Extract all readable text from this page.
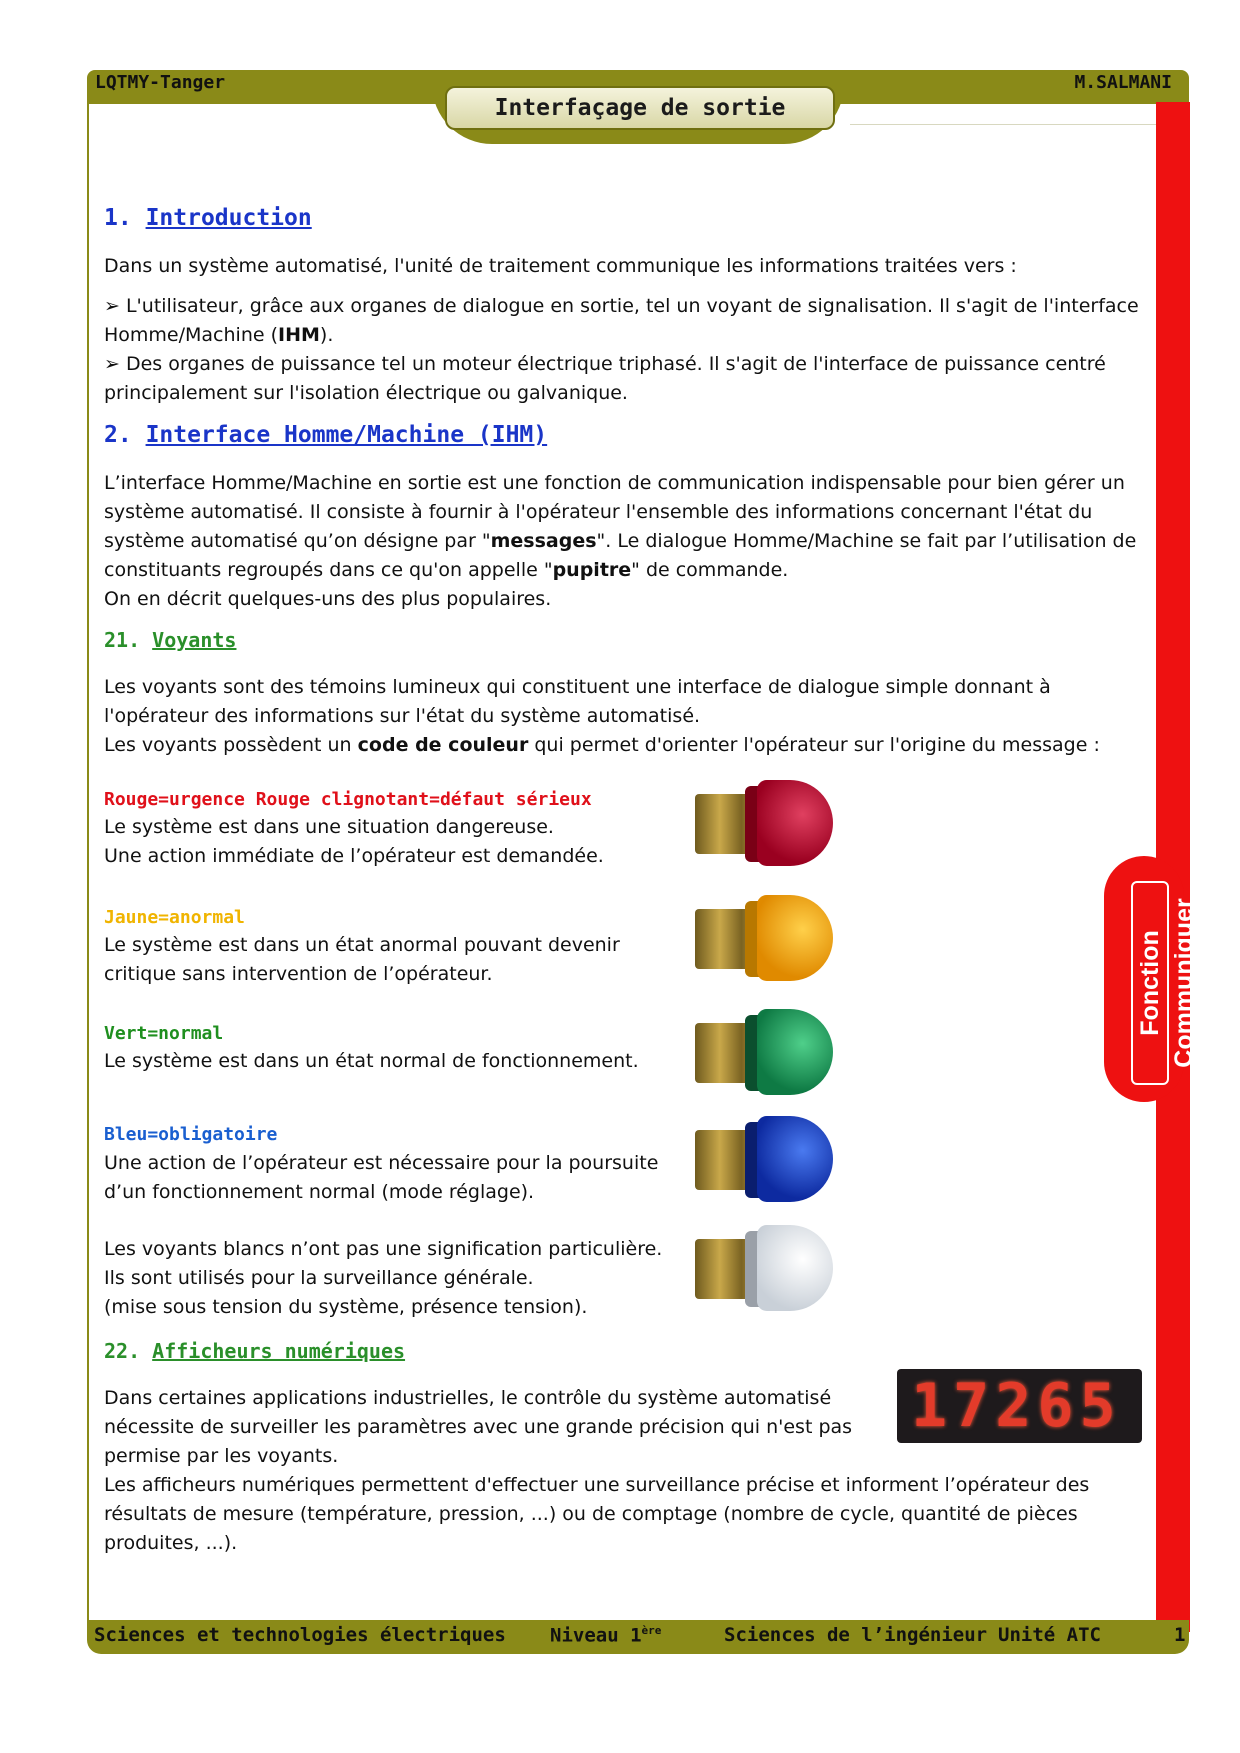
Interfaçage de sortie
LQTMY-Tanger	M.SALMANI
Fonction Communiquer
Sciences et technologies électriques Niveau 1ère	Sciences de l’ingénieur Unité ATC	1
1. Introduction

Dans un système automatisé, l'unité de traitement communique les informations traitées vers :

➢ L'utilisateur, grâce aux organes de dialogue en sortie, tel un voyant de signalisation. Il s'agit de l'interface Homme/Machine (IHM).

➢ Des organes de puissance tel un moteur électrique triphasé. Il s'agit de l'interface de puissance centré principalement sur l'isolation électrique ou galvanique.

2. Interface Homme/Machine (IHM)

L’interface Homme/Machine en sortie est une fonction de communication indispensable pour bien gérer un système automatisé. Il consiste à fournir à l'opérateur l'ensemble des informations concernant l'état du système automatisé qu’on désigne par "messages". Le dialogue Homme/Machine se fait par l’utilisation de constituants regroupés dans ce qu'on appelle "pupitre" de commande.

On en décrit quelques-uns des plus populaires.

21. Voyants

Les voyants sont des témoins lumineux qui constituent une interface de dialogue simple donnant à l'opérateur des informations sur l'état du système automatisé.

Les voyants possèdent un code de couleur qui permet d'orienter l'opérateur sur l'origine du message :

Rouge=urgence Rouge clignotant=défaut sérieux

Le système est dans une situation dangereuse.

Une action immédiate de l’opérateur est demandée.

Jaune=anormal

Le système est dans un état anormal pouvant devenir

critique sans intervention de l’opérateur.

Vert=normal

Le système est dans un état normal de fonctionnement.

Bleu=obligatoire

Une action de l’opérateur est nécessaire pour la poursuite

d’un fonctionnement normal (mode réglage).

Les voyants blancs n’ont pas une signification particulière.

Ils sont utilisés pour la surveillance générale.

(mise sous tension du système, présence tension).

22. Afficheurs numériques

Dans certaines applications industrielles, le contrôle du système automatisé

nécessite de surveiller les paramètres avec une grande précision qui n'est pas

permise par les voyants.

Les afficheurs numériques permettent d'effectuer une surveillance précise et informent l’opérateur des résultats de mesure (température, pression, ...) ou de comptage (nombre de cycle, quantité de pièces produites, ...).

17265
